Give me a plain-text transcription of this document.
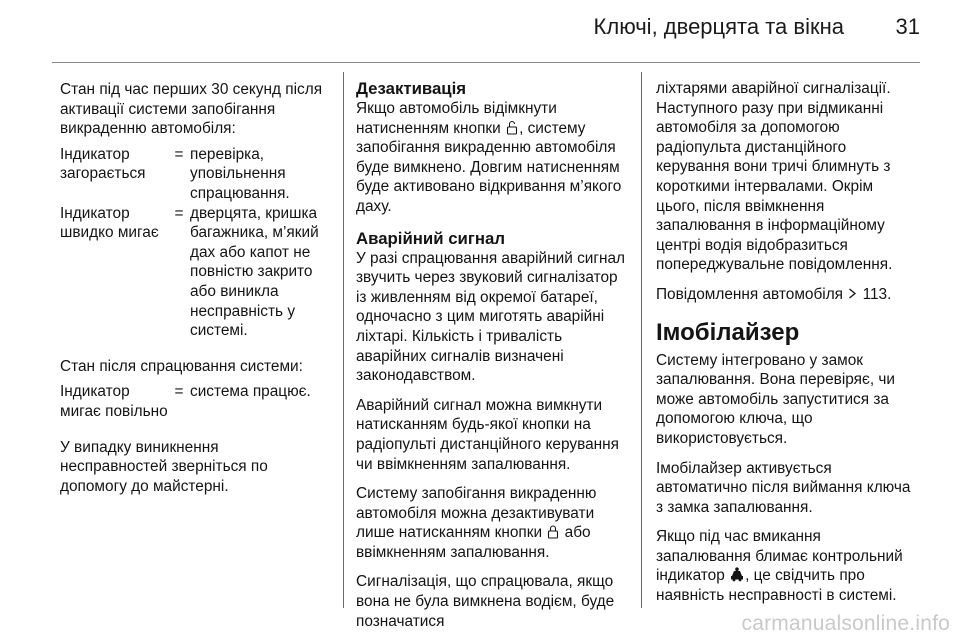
Ключі, дверцята та вікна 31

Стан під час перших 30 секунд після активації системи запобігання викраденню автомобіля:

Індикатор загорається
= перевірка, уповільнення спрацювання.
Індикатор швидко мигає
= дверцята, кришка багажника, м’який дах або капот не повністю закрито або виникла несправність у системі.

Стан після спрацювання системи:

Індикатор мигає повільно
= система працює.

У випадку виникнення несправностей зверніться по допомогу до майстерні.

Дезактивація

Якщо автомобіль відімкнути натисненням кнопки , систему запобігання викраденню автомобіля буде вимкнено. Довгим натисненням буде активовано відкривання м’якого даху.

Аварійний сигнал

У разі спрацювання аварійний сигнал звучить через звуковий сигналізатор із живленням від окремої батареї, одночасно з цим миготять аварійні ліхтарі. Кількість і тривалість аварійних сигналів визначені законодавством.

Аварійний сигнал можна вимкнути натисканням будь-якої кнопки на радіопульті дистанційного керування чи ввімкненням запалювання.

Систему запобігання викраденню автомобіля можна дезактивувати лише натисканням кнопки або ввімкненням запалювання.

Сигналізація, що спрацювала, якщо вона не була вимкнена водієм, буде позначатися

ліхтарями аварійної сигналізації. Наступного разу при відмиканні автомобіля за допомогою радіопульта дистанційного керування вони тричі блимнуть з короткими інтервалами. Окрім цього, після ввімкнення запалювання в інформаційному центрі водія відобразиться попереджувальне повідомлення.

Повідомлення автомобіля 113.

Імобілайзер

Систему інтегровано у замок запалювання. Вона перевіряє, чи може автомобіль запуститися за допомогою ключа, що використовується.

Імобілайзер активується автоматично після виймання ключа з замка запалювання.

Якщо під час вмикання запалювання блимає контрольний індикатор , це свідчить про наявність несправності в системі.

carmanualsonline.info
